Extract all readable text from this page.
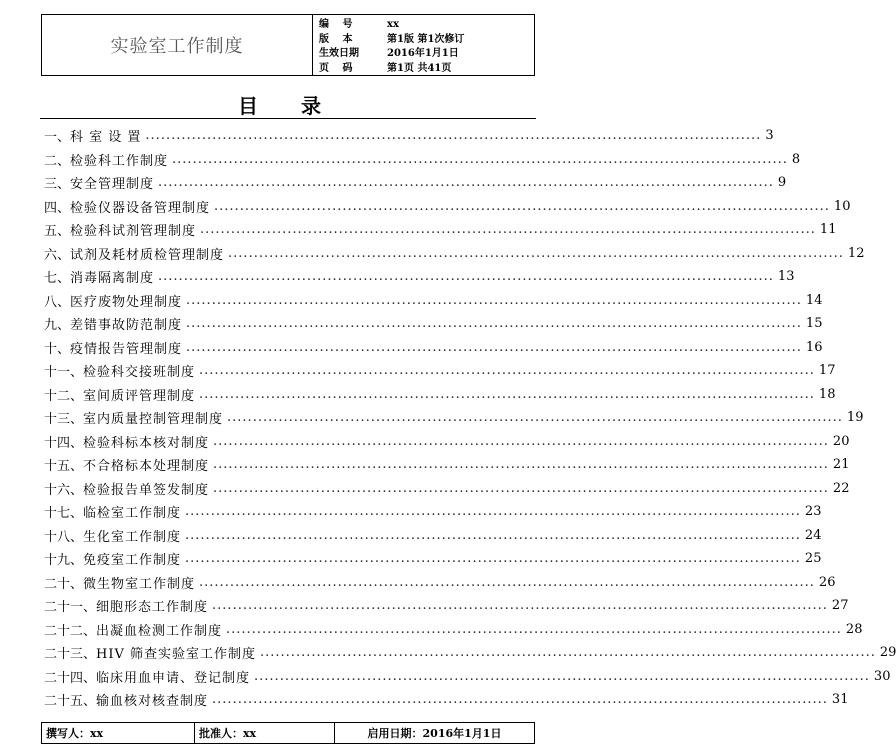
实验室工作制度
编 号	xx
版 本	第1版 第1次修订
生效日期	2016年1月1日
页 码	第1页 共41页
目 录
一、 科 室 设 置 ........................................................................................................................ 3
二、 检验科工作制度 ........................................................................................................................ 8
三、 安全管理制度 ........................................................................................................................ 9
四、 检验仪器设备管理制度 ........................................................................................................................ 10
五、 检验科试剂管理制度 ........................................................................................................................ 11
六、 试剂及耗材质检管理制度 ........................................................................................................................ 12
七、 消毒隔离制度 ........................................................................................................................ 13
八、 医疗废物处理制度 ........................................................................................................................ 14
九、 差错事故防范制度 ........................................................................................................................ 15
十、 疫情报告管理制度 ........................................................................................................................ 16
十一、 检验科交接班制度 ........................................................................................................................ 17
十二、 室间质评管理制度 ........................................................................................................................ 18
十三、 室内质量控制管理制度 ........................................................................................................................ 19
十四、 检验科标本核对制度 ........................................................................................................................ 20
十五、 不合格标本处理制度 ........................................................................................................................ 21
十六、 检验报告单签发制度 ........................................................................................................................ 22
十七、 临检室工作制度 ........................................................................................................................ 23
十八、 生化室工作制度 ........................................................................................................................ 24
十九、 免疫室工作制度 ........................................................................................................................ 25
二十、 微生物室工作制度 ........................................................................................................................ 26
二十一、 细胞形态工作制度 ........................................................................................................................ 27
二十二、 出凝血检测工作制度 ........................................................................................................................ 28
二十三、 HIV 筛查实验室工作制度 ........................................................................................................................ 29
二十四、 临床用血申请、登记制度 ........................................................................................................................ 30
二十五、 输血核对核查制度 ........................................................................................................................ 31
撰写人：xx	批准人：xx	启用日期：2016年1月1日
